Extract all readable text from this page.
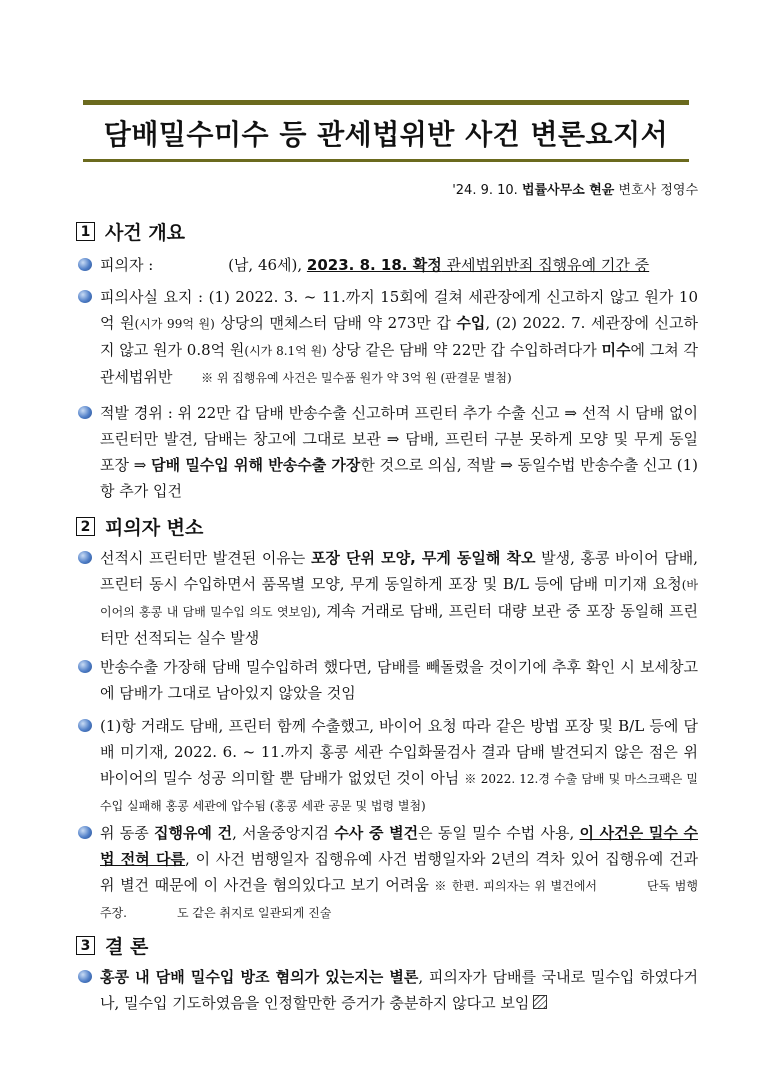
담배밀수미수 등 관세법위반 사건 변론요지서
'24. 9. 10. 법률사무소 현윤 변호사 정영수
1 사건 개요
피의자 :	(남, 46세), 2023. 8. 18. 확정 관세법위반죄 집행유예 기간 중
피의사실 요지 : (1) 2022. 3. ~ 11.까지 15회에 걸쳐 세관장에게 신고하지 않고 원가 10억 원(시가 99억 원) 상당의 맨체스터 담배 약 273만 갑 수입, (2) 2022. 7. 세관장에 신고하지 않고 원가 0.8억 원(시가 8.1억 원) 상당 같은 담배 약 22만 갑 수입하려다가 미수에 그쳐 각 관세법위반 ※ 위 집행유예 사건은 밀수품 원가 약 3억 원 (판결문 별첨)
적발 경위 : 위 22만 갑 담배 반송수출 신고하며 프린터 추가 수출 신고 ⇒ 선적 시 담배 없이 프린터만 발견, 담배는 창고에 그대로 보관 ⇒ 담배, 프린터 구분 못하게 모양 및 무게 동일 포장 ⇒ 담배 밀수입 위해 반송수출 가장한 것으로 의심, 적발 ⇒ 동일수법 반송수출 신고 (1)항 추가 입건
2 피의자 변소
선적시 프린터만 발견된 이유는 포장 단위 모양, 무게 동일해 착오 발생, 홍콩 바이어 담배, 프린터 동시 수입하면서 품목별 모양, 무게 동일하게 포장 및 B/L 등에 담배 미기재 요청(바이어의 홍콩 내 담배 밀수입 의도 엿보임), 계속 거래로 담배, 프린터 대량 보관 중 포장 동일해 프린터만 선적되는 실수 발생
반송수출 가장해 담배 밀수입하려 했다면, 담배를 빼돌렸을 것이기에 추후 확인 시 보세창고에 담배가 그대로 남아있지 않았을 것임
(1)항 거래도 담배, 프린터 함께 수출했고, 바이어 요청 따라 같은 방법 포장 및 B/L 등에 담배 미기재, 2022. 6. ~ 11.까지 홍콩 세관 수입화물검사 결과 담배 발견되지 않은 점은 위 바이어의 밀수 성공 의미할 뿐 담배가 없었던 것이 아님 ※ 2022. 12.경 수출 담배 및 마스크팩은 밀수입 실패해 홍콩 세관에 압수됨 (홍콩 세관 공문 및 법령 별첨)
위 동종 집행유예 건, 서울중앙지검 수사 중 별건은 동일 밀수 수법 사용, 이 사건은 밀수 수법 전혀 다름, 이 사건 범행일자 집행유예 사건 범행일자와 2년의 격차 있어 집행유예 건과 위 별건 때문에 이 사건을 혐의있다고 보기 어려움 ※ 한편. 피의자는 위 별건에서	단독 범행 주장.	도 같은 취지로 일관되게 진술
3 결 론
홍콩 내 담배 밀수입 방조 혐의가 있는지는 별론, 피의자가 담배를 국내로 밀수입 하였다거나, 밀수입 기도하였음을 인정할만한 증거가 충분하지 않다고 보임
